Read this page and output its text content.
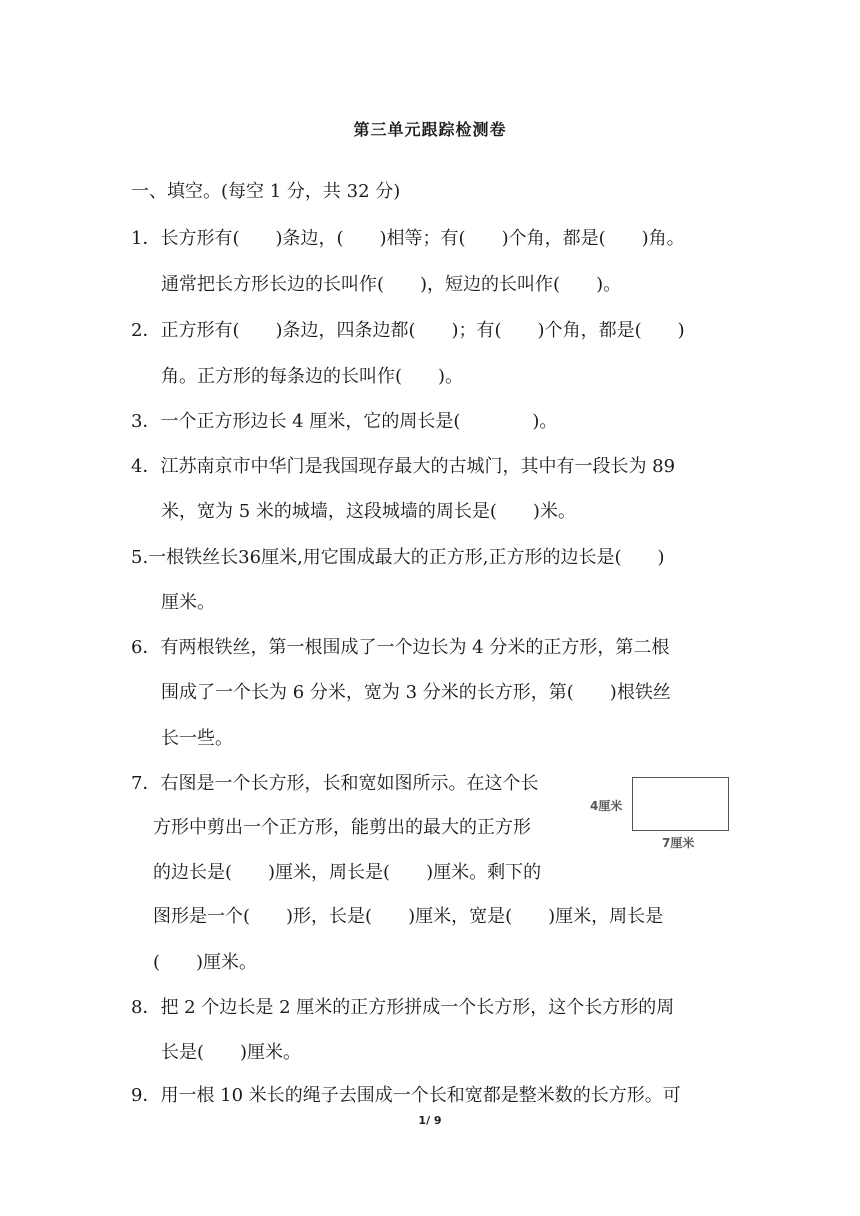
第三单元跟踪检测卷
一、填空。(每空 1 分，共 32 分)
1．长方形有(　　)条边，(　　)相等；有(　　)个角，都是(　　)角。
通常把长方形长边的长叫作(　　)，短边的长叫作(　　)。
2．正方形有(　　)条边，四条边都(　　)；有(　　)个角，都是(　　)
角。正方形的每条边的长叫作(　　)。
3．一个正方形边长 4 厘米，它的周长是(　　　　)。
4．江苏南京市中华门是我国现存最大的古城门，其中有一段长为 89
米，宽为 5 米的城墙，这段城墙的周长是(　　)米。
5.一根铁丝长36厘米,用它围成最大的正方形,正方形的边长是(　　)
厘米。
6．有两根铁丝，第一根围成了一个边长为 4 分米的正方形，第二根
围成了一个长为 6 分米，宽为 3 分米的长方形，第(　　)根铁丝
长一些。
7．右图是一个长方形，长和宽如图所示。在这个长
方形中剪出一个正方形，能剪出的最大的正方形
的边长是(　　)厘米，周长是(　　)厘米。剩下的
图形是一个(　　)形，长是(　　)厘米，宽是(　　)厘米，周长是
(　　)厘米。
4厘米
7厘米
8．把 2 个边长是 2 厘米的正方形拼成一个长方形，这个长方形的周
长是(　　)厘米。
9．用一根 10 米长的绳子去围成一个长和宽都是整米数的长方形。可
1/ 9
